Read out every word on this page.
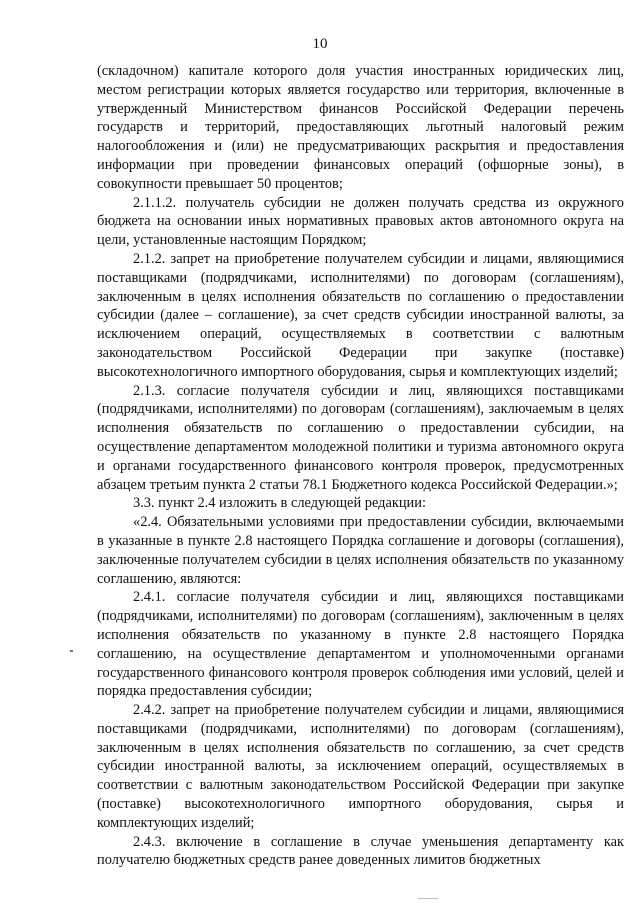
10

(складочном) капитале которого доля участия иностранных юридических лиц, местом регистрации которых является государство или территория, включенные в утвержденный Министерством финансов Российской Федерации перечень государств и территорий, предоставляющих льготный налоговый режим налогообложения и (или) не предусматривающих раскрытия и предоставления информации при проведении финансовых операций (офшорные зоны), в совокупности превышает 50 процентов;

2.1.1.2. получатель субсидии не должен получать средства из окружного бюджета на основании иных нормативных правовых актов автономного округа на цели, установленные настоящим Порядком;

2.1.2. запрет на приобретение получателем субсидии и лицами, являющимися поставщиками (подрядчиками, исполнителями) по договорам (соглашениям), заключенным в целях исполнения обязательств по соглашению о предоставлении субсидии (далее – соглашение), за счет средств субсидии иностранной валюты, за исключением операций, осуществляемых в соответствии с валютным законодательством Российской Федерации при закупке (поставке) высокотехнологичного импортного оборудования, сырья и комплектующих изделий;

2.1.3. согласие получателя субсидии и лиц, являющихся поставщиками (подрядчиками, исполнителями) по договорам (соглашениям), заключаемым в целях исполнения обязательств по соглашению о предоставлении субсидии, на осуществление департаментом молодежной политики и туризма автономного округа и органами государственного финансового контроля проверок, предусмотренных абзацем третьим пункта 2 статьи 78.1 Бюджетного кодекса Российской Федерации.»;

3.3. пункт 2.4 изложить в следующей редакции:

«2.4. Обязательными условиями при предоставлении субсидии, включаемыми в указанные в пункте 2.8 настоящего Порядка соглашение и договоры (соглашения), заключенные получателем субсидии в целях исполнения обязательств по указанному соглашению, являются:

2.4.1. согласие получателя субсидии и лиц, являющихся поставщиками (подрядчиками, исполнителями) по договорам (соглашениям), заключенным в целях исполнения обязательств по указанному в пункте 2.8 настоящего Порядка соглашению, на осуществление департаментом и уполномоченными органами государственного финансового контроля проверок соблюдения ими условий, целей и порядка предоставления субсидии;

2.4.2. запрет на приобретение получателем субсидии и лицами, являющимися поставщиками (подрядчиками, исполнителями) по договорам (соглашениям), заключенным в целях исполнения обязательств по соглашению, за счет средств субсидии иностранной валюты, за исключением операций, осуществляемых в соответствии с валютным законодательством Российской Федерации при закупке (поставке) высокотехнологичного импортного оборудования, сырья и комплектующих изделий;

2.4.3. включение в соглашение в случае уменьшения департаменту как получателю бюджетных средств ранее доведенных лимитов бюджетных
